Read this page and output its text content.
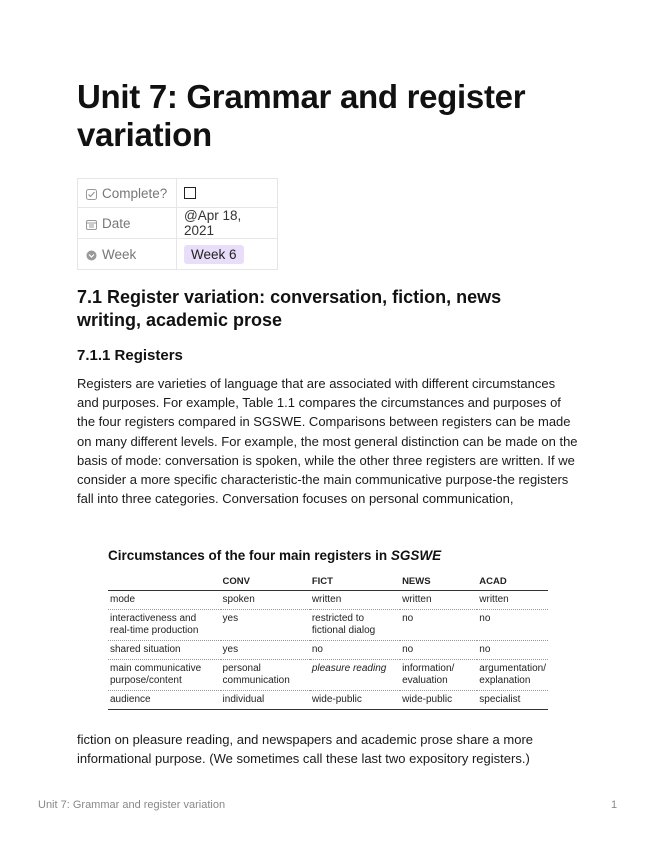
Unit 7: Grammar and register variation
Complete?	
Date	@Apr 18, 2021
Week	Week 6
7.1 Register variation: conversation, fiction, news writing, academic prose
7.1.1 Registers

Registers are varieties of language that are associated with different circumstances and purposes. For example, Table 1.1 compares the circumstances and purposes of the four registers compared in SGSWE. Comparisons between registers can be made on many different levels. For example, the most general distinction can be made on the basis of mode: conversation is spoken, while the other three registers are written. If we consider a more specific characteristic-the main communicative purpose-the registers fall into three categories. Conversation focuses on personal communication,

Circumstances of the four main registers in SGSWE
	CONV	FICT	NEWS	ACAD
mode	spoken	written	written	written
interactiveness and real-time production	yes	restricted to fictional dialog	no	no
shared situation	yes	no	no	no
main communicative purpose/content	personal communication	pleasure reading	information/ evaluation	argumentation/ explanation
audience	individual	wide-public	wide-public	specialist

fiction on pleasure reading, and newspapers and academic prose share a more informational purpose. (We sometimes call these last two expository registers.)

Unit 7: Grammar and register variation	1
